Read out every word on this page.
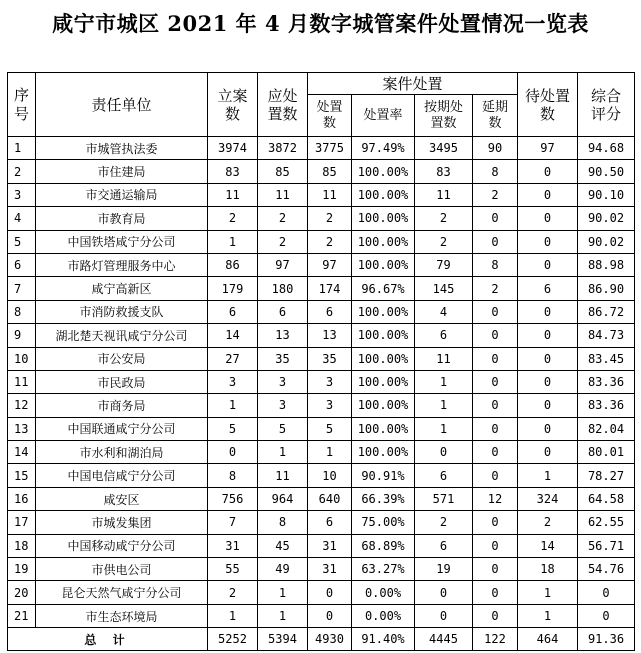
咸宁市城区 2021 年 4 月数字城管案件处置情况一览表
序号	责任单位	立案数	应处置数	案件处置				待处置数	综合评分
				处置数	处置率	按期处置数	延期数		
1	市城管执法委	3974	3872	3775	97.49%	3495	90	97	94.68
2	市住建局	83	85	85	100.00%	83	8	0	90.50
3	市交通运输局	11	11	11	100.00%	11	2	0	90.10
4	市教育局	2	2	2	100.00%	2	0	0	90.02
5	中国铁塔咸宁分公司	1	2	2	100.00%	2	0	0	90.02
6	市路灯管理服务中心	86	97	97	100.00%	79	8	0	88.98
7	咸宁高新区	179	180	174	96.67%	145	2	6	86.90
8	市消防救援支队	6	6	6	100.00%	4	0	0	86.72
9	湖北楚天视讯咸宁分公司	14	13	13	100.00%	6	0	0	84.73
10	市公安局	27	35	35	100.00%	11	0	0	83.45
11	市民政局	3	3	3	100.00%	1	0	0	83.36
12	市商务局	1	3	3	100.00%	1	0	0	83.36
13	中国联通咸宁分公司	5	5	5	100.00%	1	0	0	82.04
14	市水利和湖泊局	0	1	1	100.00%	0	0	0	80.01
15	中国电信咸宁分公司	8	11	10	90.91%	6	0	1	78.27
16	咸安区	756	964	640	66.39%	571	12	324	64.58
17	市城发集团	7	8	6	75.00%	2	0	2	62.55
18	中国移动咸宁分公司	31	45	31	68.89%	6	0	14	56.71
19	市供电公司	55	49	31	63.27%	19	0	18	54.76
20	昆仑天然气咸宁分公司	2	1	0	0.00%	0	0	1	0
21	市生态环境局	1	1	0	0.00%	0	0	1	0
总 计		5252	5394	4930	91.40%	4445	122	464	91.36
